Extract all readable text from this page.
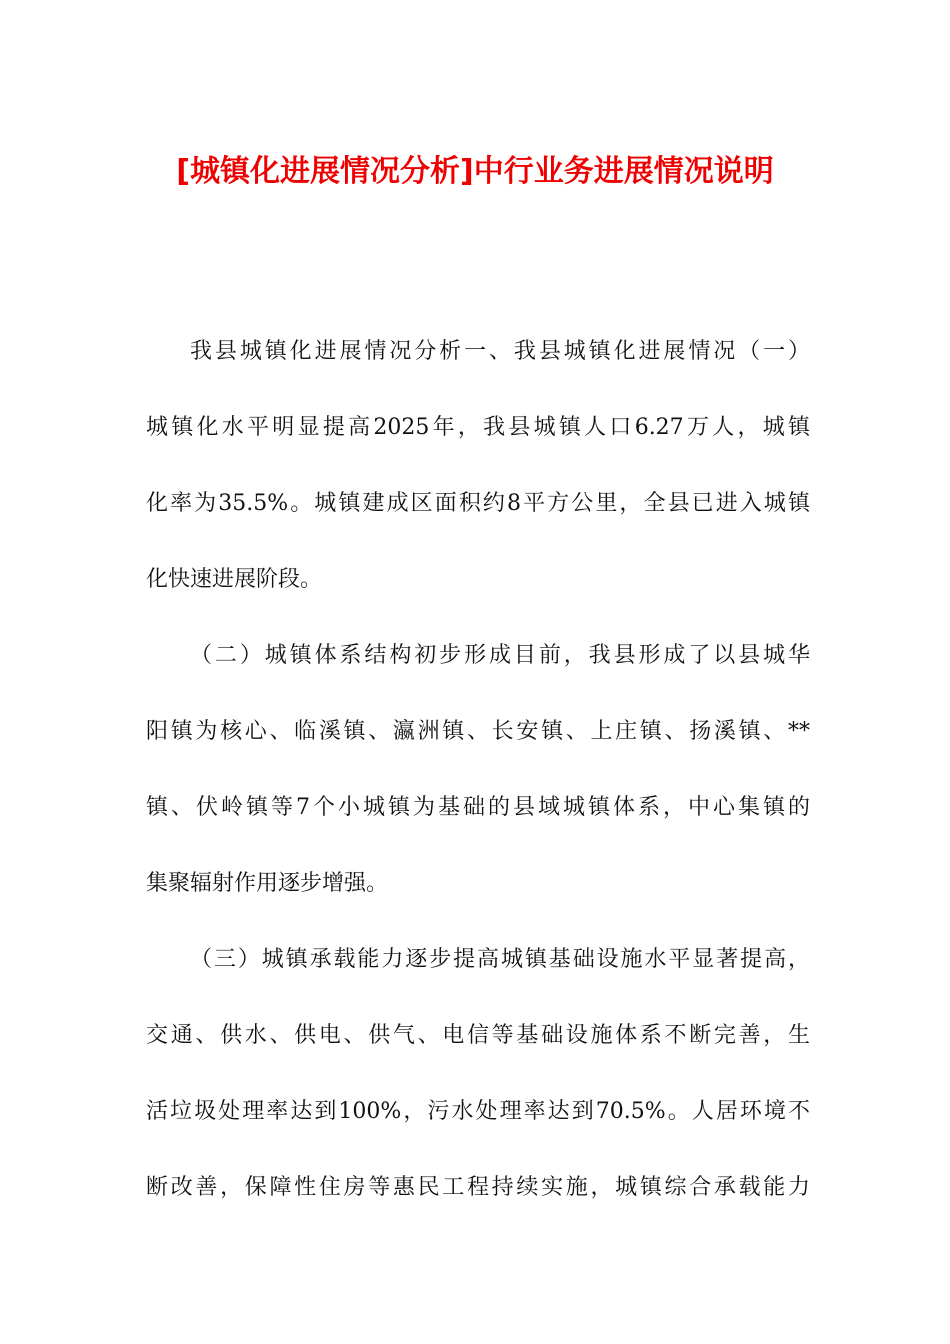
[城镇化进展情况分析]中行业务进展情况说明
我县城镇化进展情况分析一、我县城镇化进展情况（一）
城镇化水平明显提高2025年，我县城镇人口6.27万人，城镇
化率为35.5%。城镇建成区面积约8平方公里，全县已进入城镇
化快速进展阶段。
（二）城镇体系结构初步形成目前，我县形成了以县城华
阳镇为核心、临溪镇、瀛洲镇、长安镇、上庄镇、扬溪镇、**
镇、伏岭镇等7个小城镇为基础的县域城镇体系，中心集镇的
集聚辐射作用逐步增强。
（三）城镇承载能力逐步提高城镇基础设施水平显著提高，
交通、供水、供电、供气、电信等基础设施体系不断完善，生
活垃圾处理率达到100%，污水处理率达到70.5%。人居环境不
断改善，保障性住房等惠民工程持续实施，城镇综合承载能力
